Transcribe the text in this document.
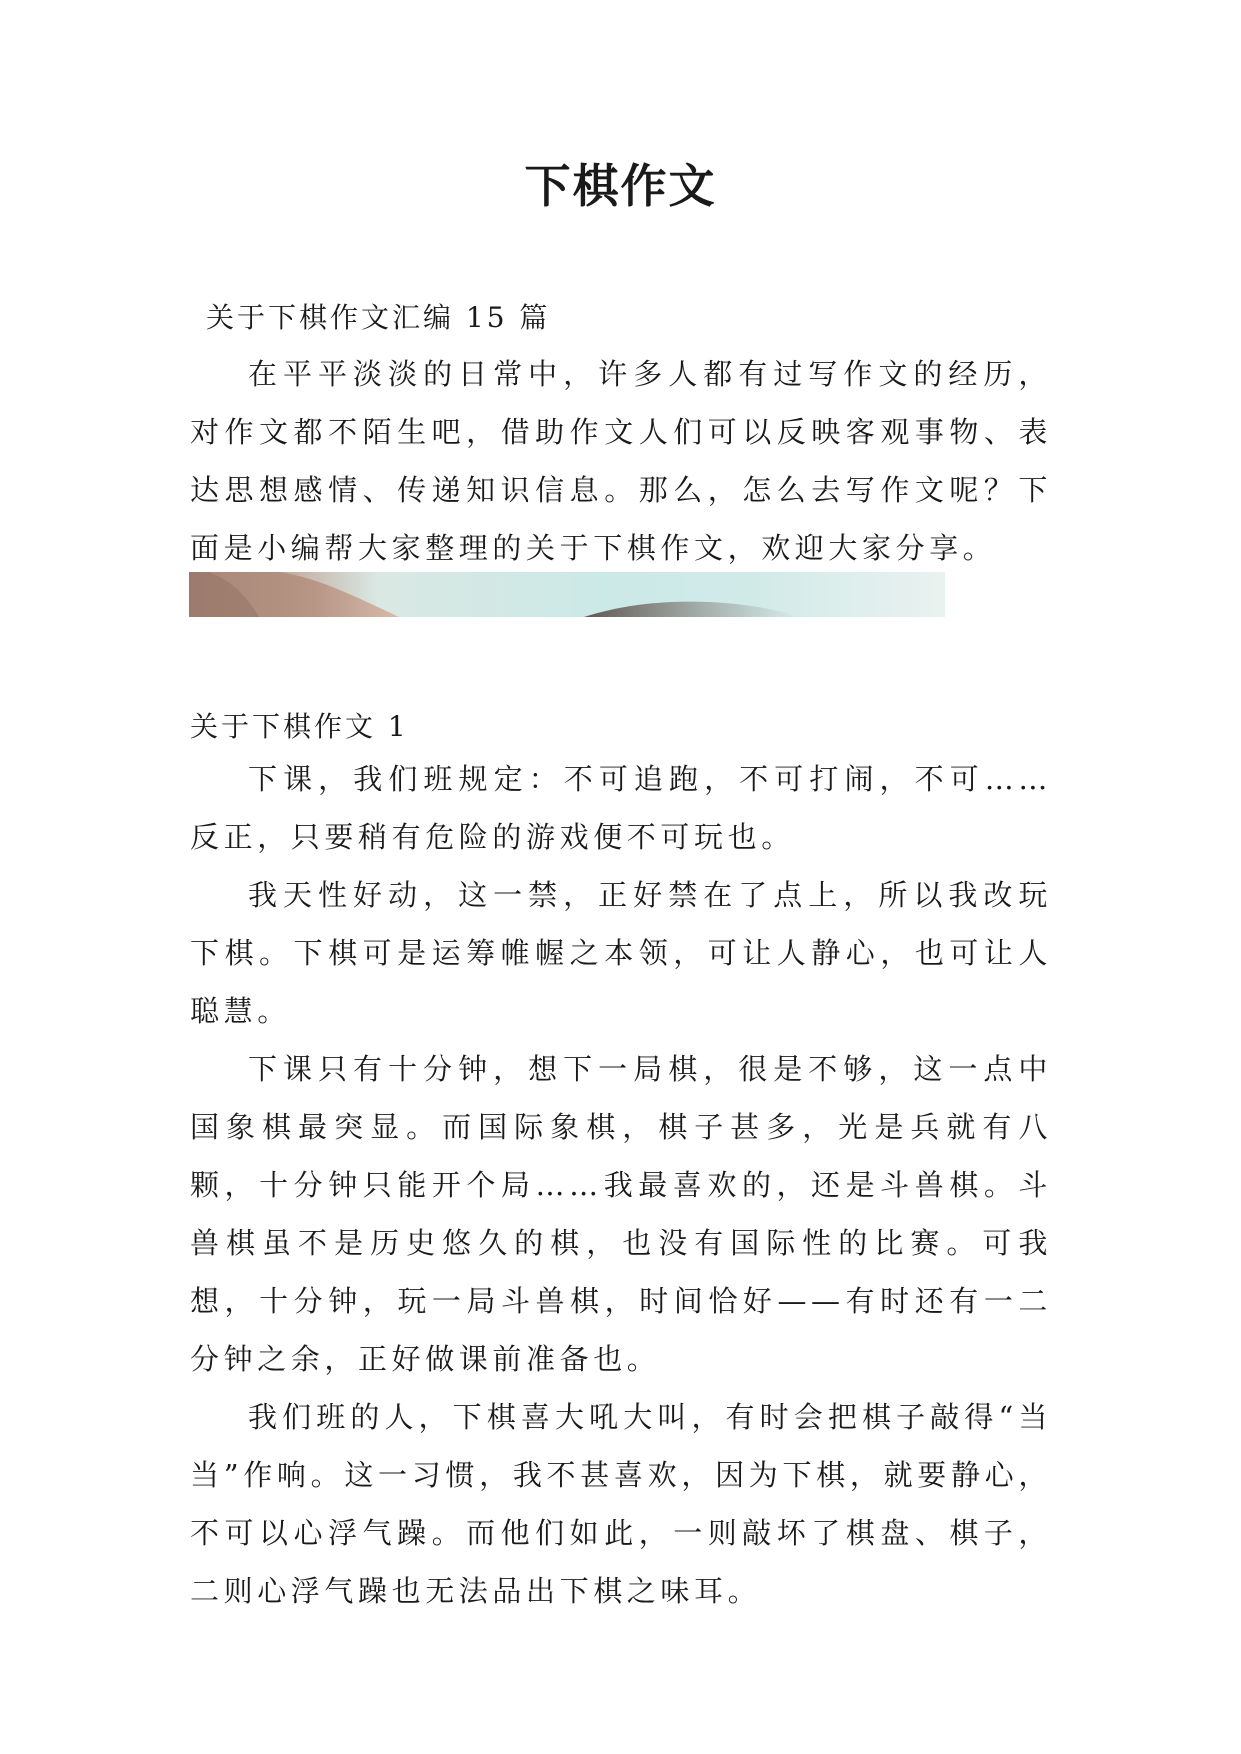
下棋作文
关于下棋作文汇编 15 篇

在平平淡淡的日常中，许多人都有过写作文的经历，对作文都不陌生吧，借助作文人们可以反映客观事物、表达思想感情、传递知识信息。那么，怎么去写作文呢？下面是小编帮大家整理的关于下棋作文，欢迎大家分享。

关于下棋作文 1

下课，我们班规定：不可追跑，不可打闹，不可……反正，只要稍有危险的游戏便不可玩也。

我天性好动，这一禁，正好禁在了点上，所以我改玩下棋。下棋可是运筹帷幄之本领，可让人静心，也可让人聪慧。

下课只有十分钟，想下一局棋，很是不够，这一点中国象棋最突显。而国际象棋，棋子甚多，光是兵就有八颗，十分钟只能开个局……我最喜欢的，还是斗兽棋。斗兽棋虽不是历史悠久的棋，也没有国际性的比赛。可我想，十分钟，玩一局斗兽棋，时间恰好——有时还有一二分钟之余，正好做课前准备也。

我们班的人，下棋喜大吼大叫，有时会把棋子敲得“当当”作响。这一习惯，我不甚喜欢，因为下棋，就要静心，不可以心浮气躁。而他们如此，一则敲坏了棋盘、棋子，二则心浮气躁也无法品出下棋之味耳。
